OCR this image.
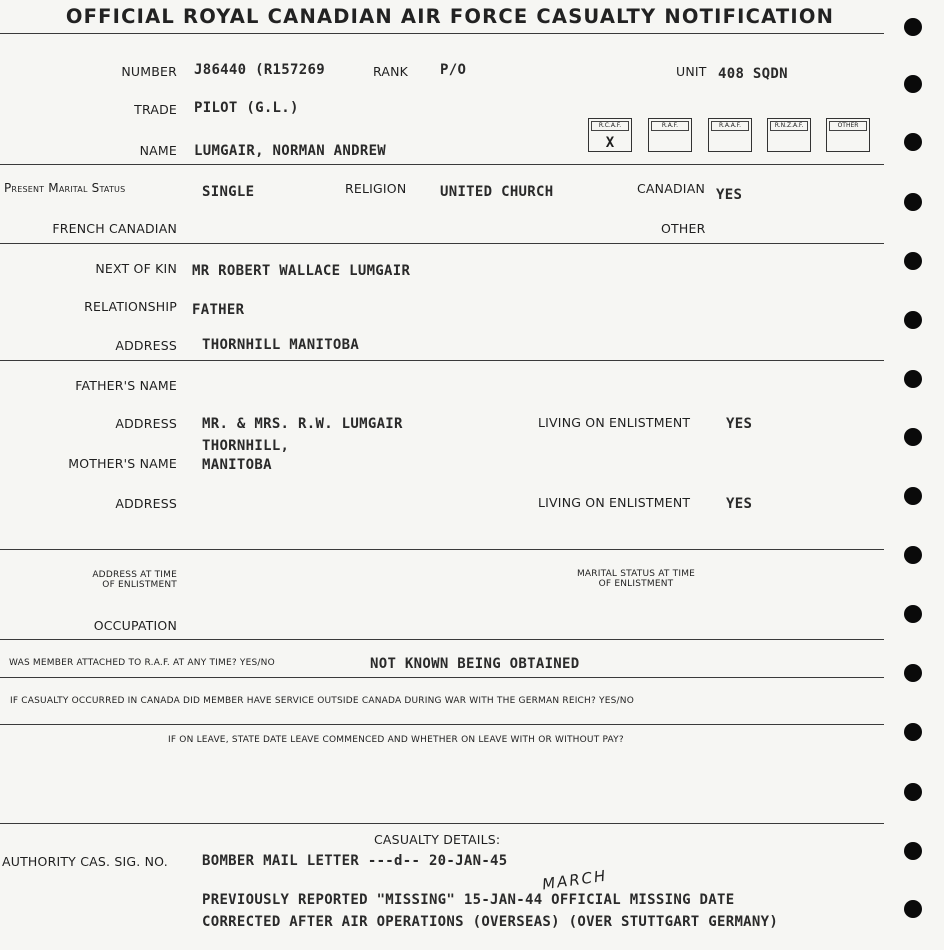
OFFICIAL ROYAL CANADIAN AIR FORCE CASUALTY NOTIFICATION
NUMBER J86440 (R157269	RANK P/O	UNIT 408 SQDN
TRADE PILOT (G.L.)
NAME LUMGAIR, NORMAN ANDREW
R.C.A.F.
X
R.A.F.	R.A.A.F.	R.N.Z.A.F.	OTHER
Present Marital Status	SINGLE	RELIGION UNITED CHURCH	CANADIAN YES
FRENCH CANADIAN	OTHER
NEXT OF KIN MR ROBERT WALLACE LUMGAIR
RELATIONSHIP FATHER
ADDRESS THORNHILL MANITOBA
FATHER'S NAME
ADDRESS MR. & MRS. R.W. LUMGAIR
THORNHILL,
MANITOBA
LIVING ON ENLISTMENT	YES
MOTHER'S NAME
ADDRESS	LIVING ON ENLISTMENT	YES
ADDRESS AT TIME
OF ENLISTMENT
MARITAL STATUS AT TIME
OF ENLISTMENT
OCCUPATION
WAS MEMBER ATTACHED TO R.A.F. AT ANY TIME? YES/NO	NOT KNOWN BEING OBTAINED
IF CASUALTY OCCURRED IN CANADA DID MEMBER HAVE SERVICE OUTSIDE CANADA DURING WAR WITH THE GERMAN REICH? YES/NO
IF ON LEAVE, STATE DATE LEAVE COMMENCED AND WHETHER ON LEAVE WITH OR WITHOUT PAY?
CASUALTY DETAILS:
AUTHORITY CAS. SIG. NO. BOMBER MAIL LETTER ---d-- 20-JAN-45
MARCH
PREVIOUSLY REPORTED "MISSING" 15-JAN-44 OFFICIAL MISSING DATE
CORRECTED AFTER AIR OPERATIONS (OVERSEAS) (OVER STUTTGART GERMANY)
